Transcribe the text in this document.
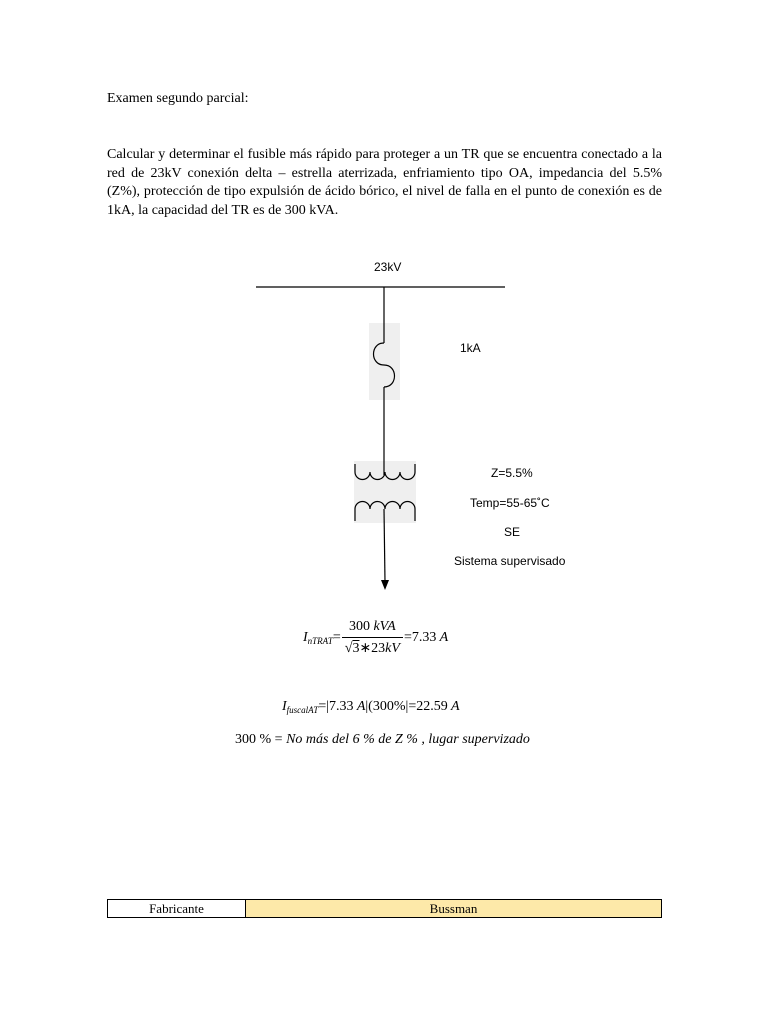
Examen segundo parcial:
Calcular y determinar el fusible más rápido para proteger a un TR que se encuentra conectado a la red de 23kV conexión delta – estrella aterrizada, enfriamiento tipo OA, impedancia del 5.5% (Z%), protección de tipo expulsión de ácido bórico, el nivel de falla en el punto de conexión es de 1kA, la capacidad del TR es de 300 kVA.
23kV
1kA
Z=5.5%
Temp=55-65˚C
SE
Sistema supervisado
$I_{nTRAT}= \frac{\text{300 kVA}}{√3∗23kV} =7.33$ A
$I_{fuscalAT}=|7.33$ A|(300%|=22.59 A
300 % = No más del 6 % de Z % , lugar supervizado
Fabricante	Bussman
